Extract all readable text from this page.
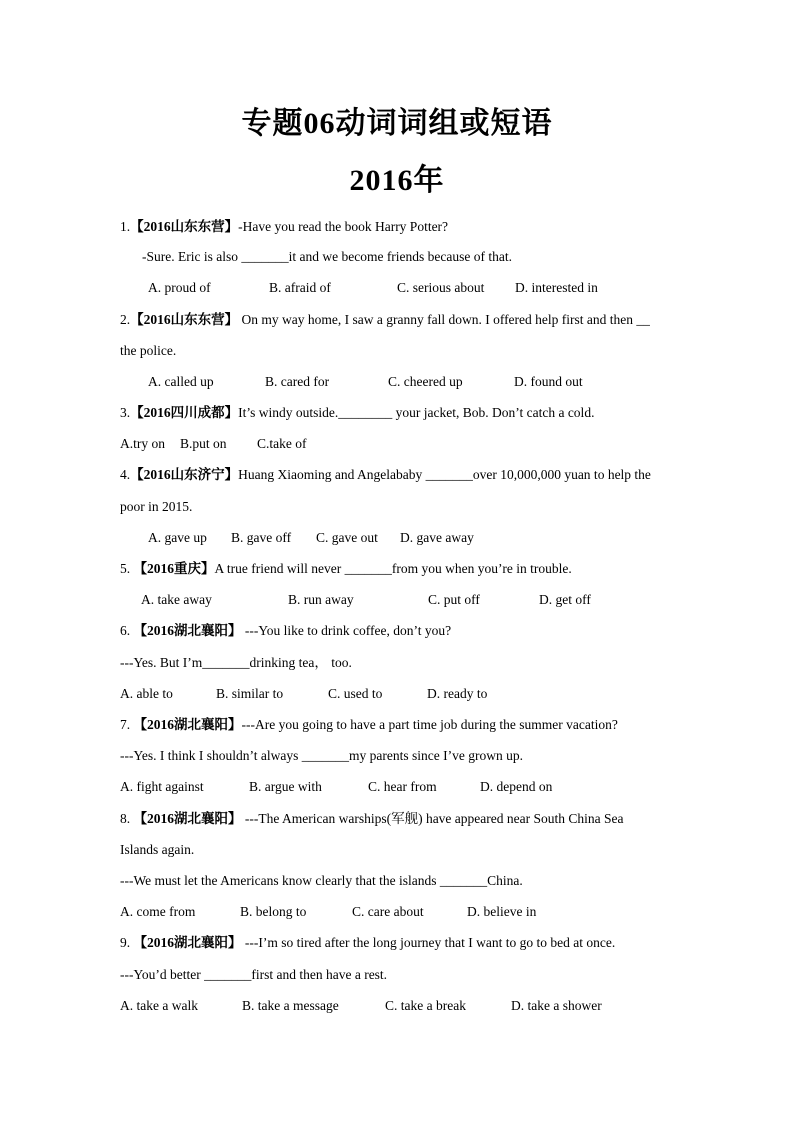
专题06动词词组或短语
2016年
1.【2016山东东营】-Have you read the book Harry Potter?
-Sure. Eric is also _______it and we become friends because of that.
A. proud of	B. afraid of	C. serious about D. interested in
2.【2016山东东营】 On my way home, I saw a granny fall down. I offered help first and then __
the police.
A. called up	B. cared for	C. cheered up	D. found out
3.【2016四川成都】It’s windy outside.________ your jacket, Bob. Don’t catch a cold.
A.try on B.put on C.take of
4.【2016山东济宁】Huang Xiaoming and Angelababy _______over 10,000,000 yuan to help the
poor in 2015.
A. gave up B. gave off C. gave out D. gave away
5. 【2016重庆】A true friend will never _______from you when you’re in trouble.
A. take away	B. run away	C. put off	D. get off
6. 【2016湖北襄阳】 ---You like to drink coffee, don’t you?
---Yes. But I’m_______drinking tea， too.
A. able to	B. similar to	C. used to	D. ready to
7. 【2016湖北襄阳】---Are you going to have a part time job during the summer vacation?
---Yes. I think I shouldn’t always _______my parents since I’ve grown up.
A. fight against	B. argue with	C. hear from	D. depend on
8. 【2016湖北襄阳】 ---The American warships(军舰) have appeared near South China Sea
Islands again.
---We must let the Americans know clearly that the islands _______China.
A. come from	B. belong to	C. care about	D. believe in
9. 【2016湖北襄阳】 ---I’m so tired after the long journey that I want to go to bed at once.
---You’d better _______first and then have a rest.
A. take a walk	B. take a message	C. take a break	D. take a shower
